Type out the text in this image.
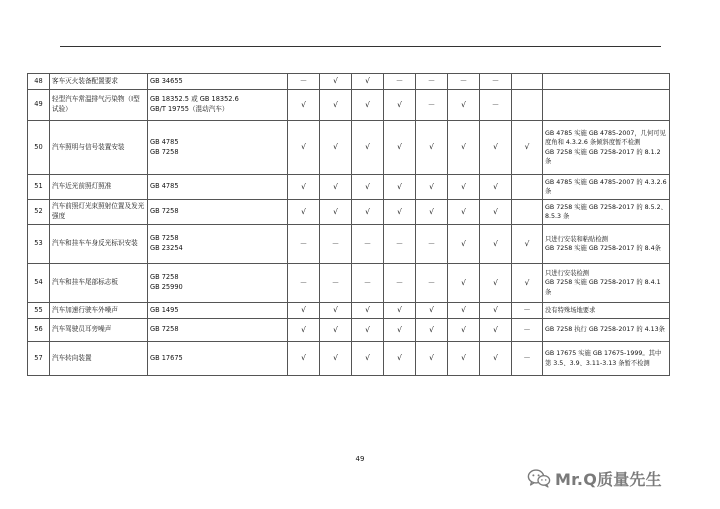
48	客车灭火装备配置要求	GB 34655	－	√	√	－	－	－	－		
49	轻型汽车常温排气污染物（I型试验）	GB 18352.5 或 GB 18352.6
GB/T 19755（混动汽车）	√	√	√	√	－	√	－		
50	汽车照明与信号装置安装	GB 4785
GB 7258	√	√	√	√	√	√	√	√	GB 4785 实施 GB 4785-2007，几何可见度角和 4.3.2.6 条倾斜度暂不检测
GB 7258 实施 GB 7258-2017 的 8.1.2 条
51	汽车近光前照灯照准	GB 4785	√	√	√	√	√	√	√		GB 4785 实施 GB 4785-2007 的 4.3.2.6 条
52	汽车前照灯光束照射位置及发光强度	GB 7258	√	√	√	√	√	√	√		GB 7258 实施 GB 7258-2017 的 8.5.2、8.5.3 条
53	汽车和挂车车身反光标识安装	GB 7258
GB 23254	－	－	－	－	－	√	√	√	只进行安装和粘贴检测
GB 7258 实施 GB 7258-2017 的 8.4条
54	汽车和挂车尾部标志板	GB 7258
GB 25990	－	－	－	－	－	√	√	√	只进行安装检测
GB 7258 实施 GB 7258-2017 的 8.4.1 条
55	汽车加速行驶车外噪声	GB 1495	√	√	√	√	√	√	√	－	没有特殊场地要求
56	汽车驾驶员耳旁噪声	GB 7258	√	√	√	√	√	√	√	－	GB 7258 执行 GB 7258-2017 的 4.13条
57	汽车转向装置	GB 17675	√	√	√	√	√	√	√	－	GB 17675 实施 GB 17675-1999。其中第 3.5、3.9、3.11-3.13 条暂不检测
49
Mr.Q质量先生
